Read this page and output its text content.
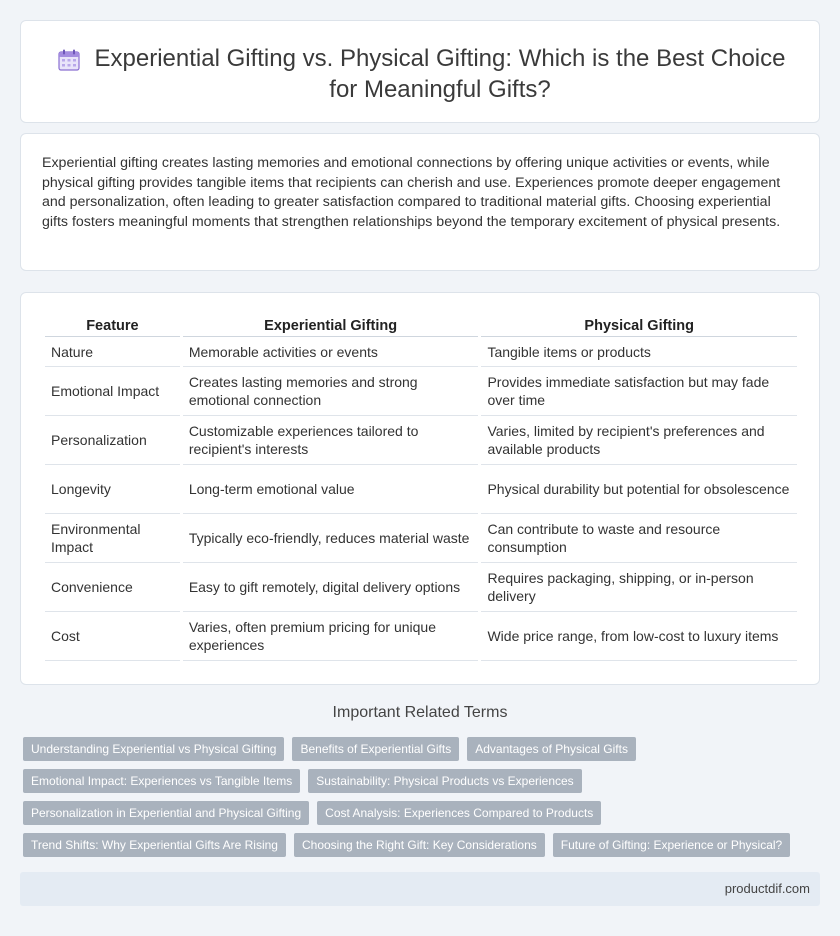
Experiential Gifting vs. Physical Gifting: Which is the Best Choice for Meaningful Gifts?

Experiential gifting creates lasting memories and emotional connections by offering unique activities or events, while physical gifting provides tangible items that recipients can cherish and use. Experiences promote deeper engagement and personalization, often leading to greater satisfaction compared to traditional material gifts. Choosing experiential gifts fosters meaningful moments that strengthen relationships beyond the temporary excitement of physical presents.

Feature	Experiential Gifting	Physical Gifting
Nature	Memorable activities or events	Tangible items or products
Emotional Impact	Creates lasting memories and strong emotional connection	Provides immediate satisfaction but may fade over time
Personalization	Customizable experiences tailored to recipient's interests	Varies, limited by recipient's preferences and available products
Longevity	Long-term emotional value	Physical durability but potential for obsolescence
Environmental Impact	Typically eco-friendly, reduces material waste	Can contribute to waste and resource consumption
Convenience	Easy to gift remotely, digital delivery options	Requires packaging, shipping, or in-person delivery
Cost	Varies, often premium pricing for unique experiences	Wide price range, from low-cost to luxury items
Important Related Terms
Understanding Experiential vs Physical Gifting	Benefits of Experiential Gifts	Advantages of Physical Gifts
Emotional Impact: Experiences vs Tangible Items	Sustainability: Physical Products vs Experiences
Personalization in Experiential and Physical Gifting	Cost Analysis: Experiences Compared to Products
Trend Shifts: Why Experiential Gifts Are Rising	Choosing the Right Gift: Key Considerations	Future of Gifting: Experience or Physical?
productdif.com
